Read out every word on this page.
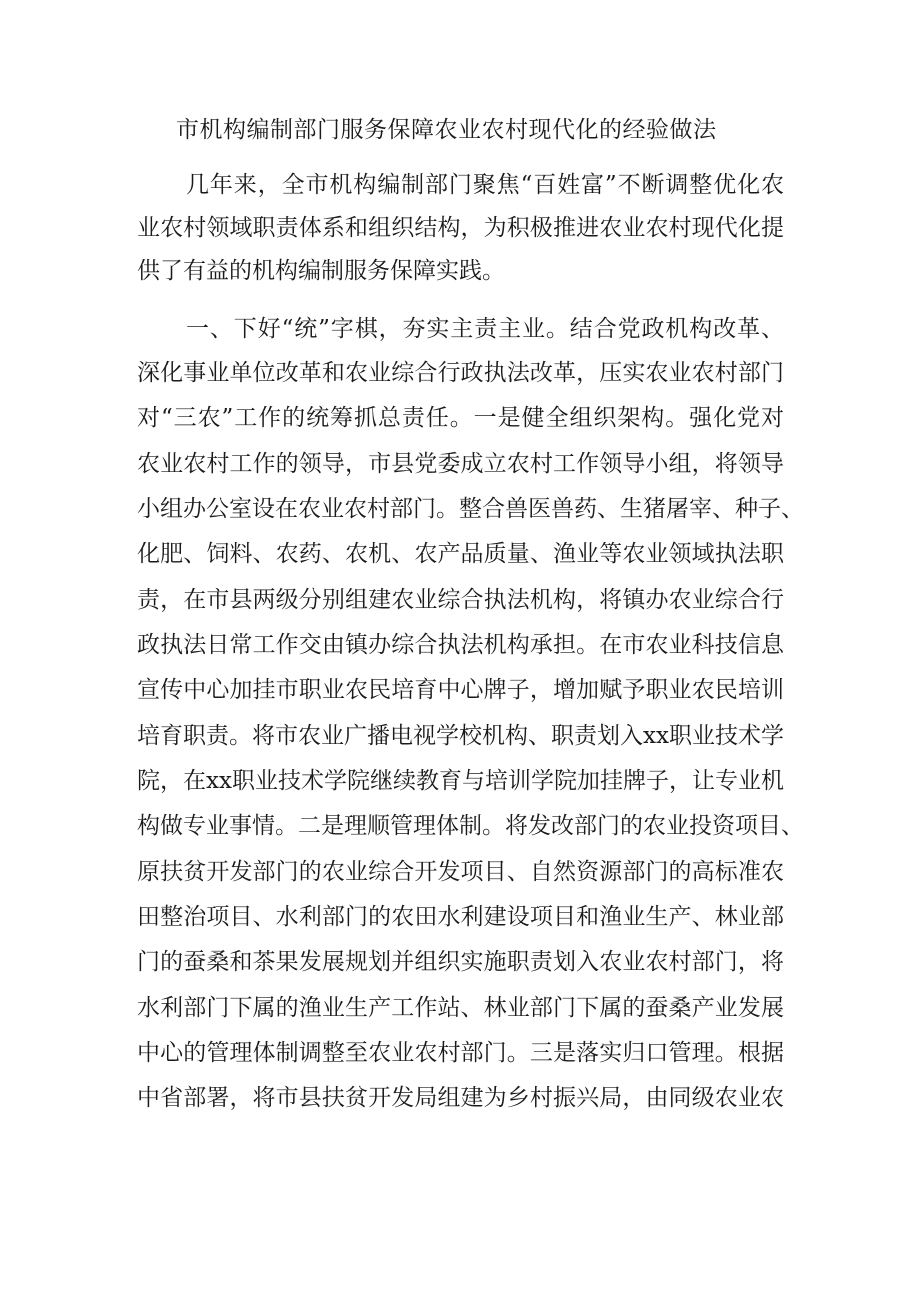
市机构编制部门服务保障农业农村现代化的经验做法
几年来，全市机构编制部门聚焦“百姓富”不断调整优化农
业农村领域职责体系和组织结构，为积极推进农业农村现代化提
供了有益的机构编制服务保障实践。
一、下好“统”字棋，夯实主责主业。结合党政机构改革、
深化事业单位改革和农业综合行政执法改革，压实农业农村部门
对“三农”工作的统筹抓总责任。一是健全组织架构。强化党对
农业农村工作的领导，市县党委成立农村工作领导小组，将领导
小组办公室设在农业农村部门。整合兽医兽药、生猪屠宰、种子、
化肥、饲料、农药、农机、农产品质量、渔业等农业领域执法职
责，在市县两级分别组建农业综合执法机构，将镇办农业综合行
政执法日常工作交由镇办综合执法机构承担。在市农业科技信息
宣传中心加挂市职业农民培育中心牌子，增加赋予职业农民培训
培育职责。将市农业广播电视学校机构、职责划入xx职业技术学
院，在xx职业技术学院继续教育与培训学院加挂牌子，让专业机
构做专业事情。二是理顺管理体制。将发改部门的农业投资项目、
原扶贫开发部门的农业综合开发项目、自然资源部门的高标准农
田整治项目、水利部门的农田水利建设项目和渔业生产、林业部
门的蚕桑和茶果发展规划并组织实施职责划入农业农村部门，将
水利部门下属的渔业生产工作站、林业部门下属的蚕桑产业发展
中心的管理体制调整至农业农村部门。三是落实归口管理。根据
中省部署，将市县扶贫开发局组建为乡村振兴局，由同级农业农
